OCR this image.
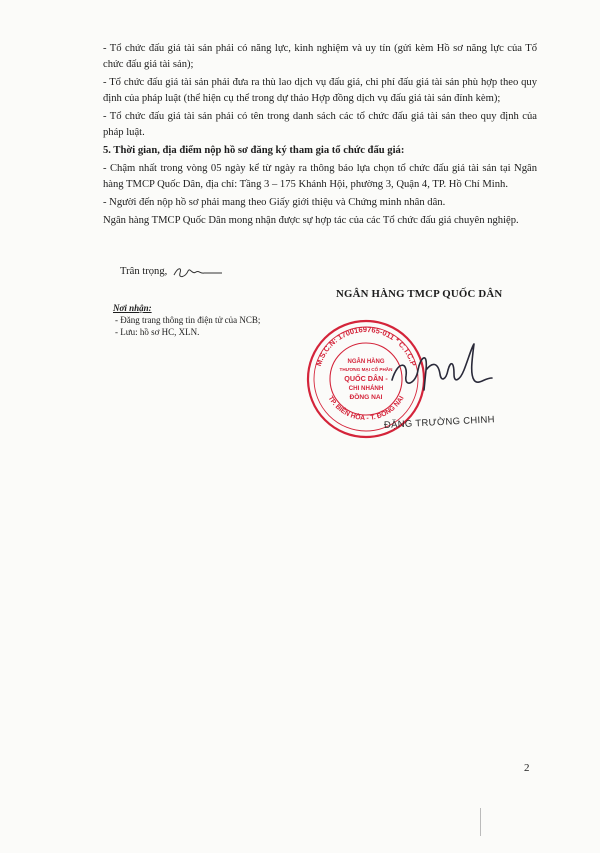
- Tổ chức đấu giá tài sản phải có năng lực, kinh nghiệm và uy tín (gửi kèm Hồ sơ năng lực của Tổ chức đấu giá tài sản);

- Tổ chức đấu giá tài sản phải đưa ra thù lao dịch vụ đấu giá, chi phí đấu giá tài sản phù hợp theo quy định của pháp luật (thể hiện cụ thể trong dự thảo Hợp đồng dịch vụ đấu giá tài sản đính kèm);

- Tổ chức đấu giá tài sản phải có tên trong danh sách các tổ chức đấu giá tài sản theo quy định của pháp luật.

5. Thời gian, địa điểm nộp hồ sơ đăng ký tham gia tổ chức đấu giá:

- Chậm nhất trong vòng 05 ngày kể từ ngày ra thông báo lựa chọn tổ chức đấu giá tài sản tại Ngân hàng TMCP Quốc Dân, địa chỉ: Tầng 3 – 175 Khánh Hội, phường 3, Quận 4, TP. Hồ Chí Minh.

- Người đến nộp hồ sơ phải mang theo Giấy giới thiệu và Chứng minh nhân dân.

Ngân hàng TMCP Quốc Dân mong nhận được sự hợp tác của các Tổ chức đấu giá chuyên nghiệp.

Trân trọng,
NGÂN HÀNG TMCP QUỐC DÂN
Nơi nhận:
- Đăng trang thông tin điện tử của NCB;
- Lưu: hồ sơ HC, XLN.
M.S.C.N: 1700169765-011 * C.T.C.P
TP. BIÊN HÒA - T. ĐỒNG NAI
NGÂN HÀNG
THƯƠNG MẠI CỔ PHẦN
QUỐC DÂN -
CHI NHÁNH
ĐỒNG NAI
ĐẶNG TRƯỜNG CHINH
2
